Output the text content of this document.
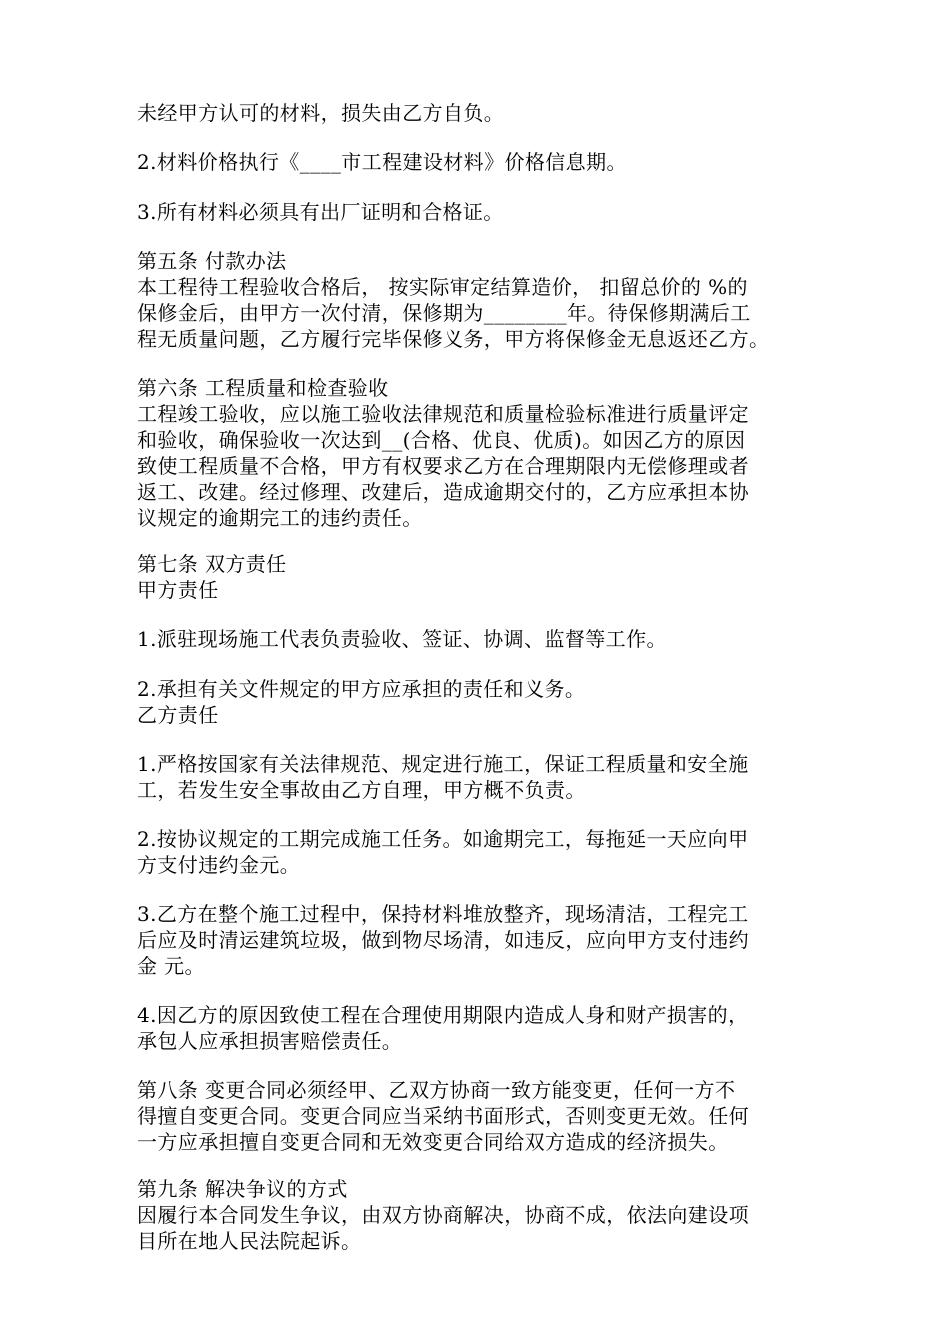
未经甲方认可的材料，损失由乙方自负。
2.材料价格执行《____市工程建设材料》价格信息期。
3.所有材料必须具有出厂证明和合格证。
第五条 付款办法
本工程待工程验收合格后， 按实际审定结算造价， 扣留总价的 %的
保修金后，由甲方一次付清，保修期为________年。待保修期满后工
程无质量问题，乙方履行完毕保修义务，甲方将保修金无息返还乙方。
第六条 工程质量和检查验收
工程竣工验收，应以施工验收法律规范和质量检验标准进行质量评定
和验收，确保验收一次达到__(合格、优良、优质)。如因乙方的原因
致使工程质量不合格，甲方有权要求乙方在合理期限内无偿修理或者
返工、改建。经过修理、改建后，造成逾期交付的，乙方应承担本协
议规定的逾期完工的违约责任。
第七条 双方责任
甲方责任
1.派驻现场施工代表负责验收、签证、协调、监督等工作。
2.承担有关文件规定的甲方应承担的责任和义务。
乙方责任
1.严格按国家有关法律规范、规定进行施工，保证工程质量和安全施
工，若发生安全事故由乙方自理，甲方概不负责。
2.按协议规定的工期完成施工任务。如逾期完工，每拖延一天应向甲
方支付违约金元。
3.乙方在整个施工过程中，保持材料堆放整齐，现场清洁，工程完工
后应及时清运建筑垃圾，做到物尽场清，如违反，应向甲方支付违约
金 元。
4.因乙方的原因致使工程在合理使用期限内造成人身和财产损害的，
承包人应承担损害赔偿责任。
第八条 变更合同必须经甲、乙双方协商一致方能变更，任何一方不
得擅自变更合同。变更合同应当采纳书面形式，否则变更无效。任何
一方应承担擅自变更合同和无效变更合同给双方造成的经济损失。
第九条 解决争议的方式
因履行本合同发生争议，由双方协商解决，协商不成，依法向建设项
目所在地人民法院起诉。
